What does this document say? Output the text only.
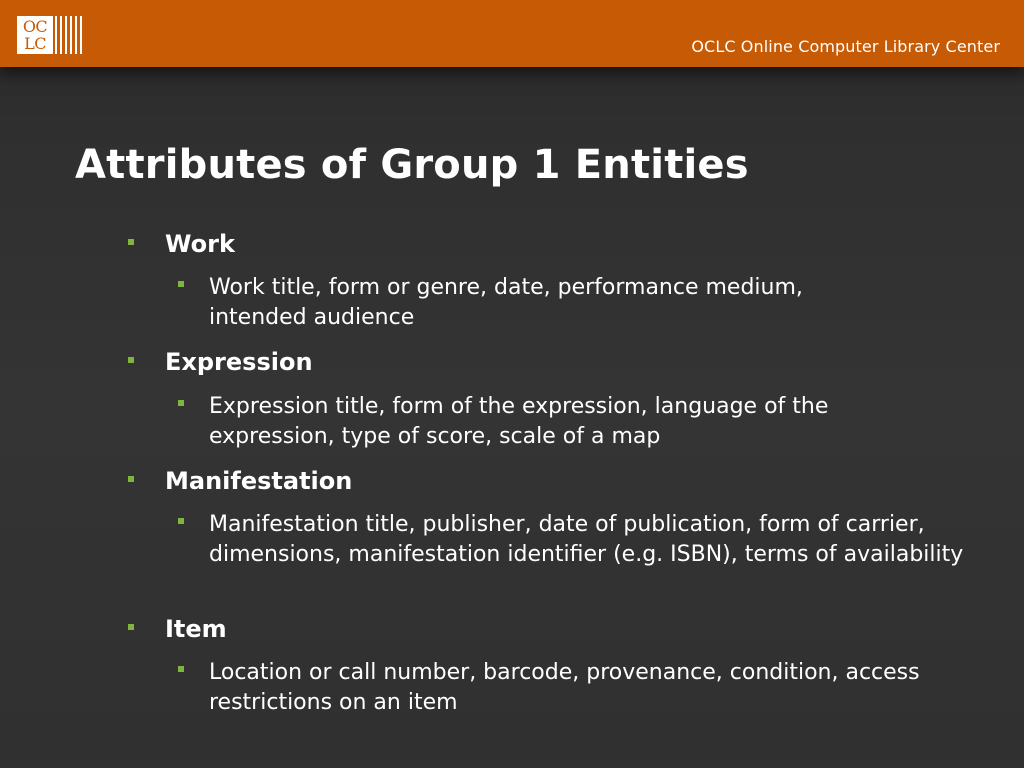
OC
LC	OCLC Online Computer Library Center
Attributes of Group 1 Entities
Work
Work title, form or genre, date, performance medium, intended audience
Expression
Expression title, form of the expression, language of the expression, type of score, scale of a map
Manifestation
Manifestation title, publisher, date of publication, form of carrier, dimensions, manifestation identifier (e.g. ISBN), terms of availability
Item
Location or call number, barcode, provenance, condition, access restrictions on an item
